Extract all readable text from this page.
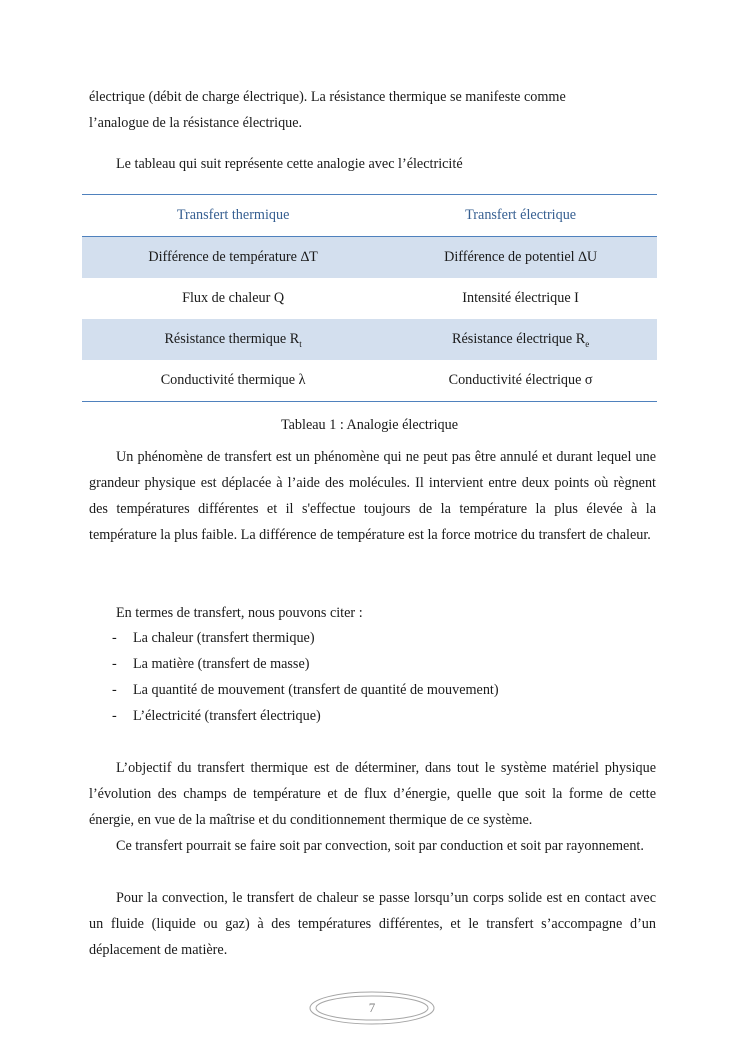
électrique (débit de charge électrique). La résistance thermique se manifeste comme

l’analogue de la résistance électrique.

Le tableau qui suit représente cette analogie avec l’électricité

Transfert thermique	Transfert électrique
Différence de température ∆T	Différence de potentiel ∆U
Flux de chaleur Q	Intensité électrique I
Résistance thermique $R_t$	Résistance électrique $R_e$
Conductivité thermique λ	Conductivité électrique σ
Tableau 1 : Analogie électrique

Un phénomène de transfert est un phénomène qui ne peut pas être annulé et durant lequel une grandeur physique est déplacée à l’aide des molécules. Il intervient entre deux points où règnent des températures différentes et il s'effectue toujours de la température la plus élevée à la température la plus faible. La différence de température est la force motrice du transfert de chaleur.

En termes de transfert, nous pouvons citer :

- La chaleur (transfert thermique)
- La matière (transfert de masse)
- La quantité de mouvement (transfert de quantité de mouvement)
- L’électricité (transfert électrique)

L’objectif du transfert thermique est de déterminer, dans tout le système matériel physique l’évolution des champs de température et de flux d’énergie, quelle que soit la forme de cette énergie, en vue de la maîtrise et du conditionnement thermique de ce système.

Ce transfert pourrait se faire soit par convection, soit par conduction et soit par rayonnement.

Pour la convection, le transfert de chaleur se passe lorsqu’un corps solide est en contact avec un fluide (liquide ou gaz) à des températures différentes, et le transfert s’accompagne d’un déplacement de matière.

7
